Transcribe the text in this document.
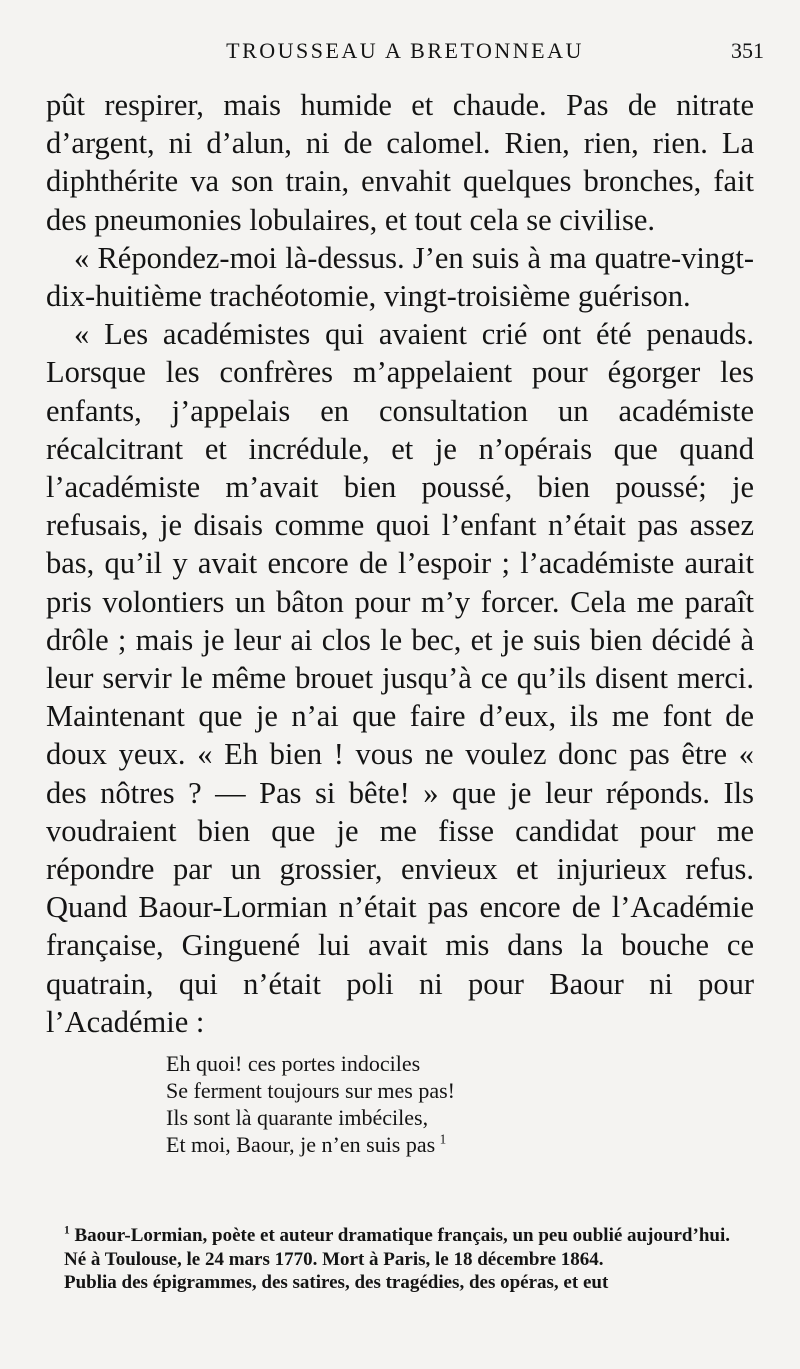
TROUSSEAU A BRETONNEAU	351

pût respirer, mais humide et chaude. Pas de nitrate d’argent, ni d’alun, ni de calomel. Rien, rien, rien. La diphthérite va son train, envahit quelques bronches, fait des pneumonies lobulaires, et tout cela se civilise.

« Répondez-moi là-dessus. J’en suis à ma quatre-vingt-dix-huitième trachéotomie, vingt-troisième guérison.

« Les académistes qui avaient crié ont été penauds. Lorsque les confrères m’appelaient pour égorger les enfants, j’appelais en consultation un académiste récalcitrant et incrédule, et je n’opérais que quand l’académiste m’avait bien poussé, bien poussé; je refusais, je disais comme quoi l’enfant n’était pas assez bas, qu’il y avait encore de l’espoir ; l’académiste aurait pris volontiers un bâton pour m’y forcer. Cela me paraît drôle ; mais je leur ai clos le bec, et je suis bien décidé à leur servir le même brouet jusqu’à ce qu’ils disent merci. Maintenant que je n’ai que faire d’eux, ils me font de doux yeux. « Eh bien ! vous ne voulez donc pas être « des nôtres ? — Pas si bête! » que je leur réponds. Ils voudraient bien que je me fisse candidat pour me répondre par un grossier, envieux et injurieux refus. Quand Baour-Lormian n’était pas encore de l’Académie française, Ginguené lui avait mis dans la bouche ce quatrain, qui n’était poli ni pour Baour ni pour l’Académie :

Eh quoi! ces portes indociles
Se ferment toujours sur mes pas!
Ils sont là quarante imbéciles,
Et moi, Baour, je n’en suis pas  $^1$

$^1$ Baour-Lormian, poète et auteur dramatique français, un peu oublié aujourd’hui.

Né à Toulouse, le 24 mars 1770. Mort à Paris, le 18 décembre 1864.

Publia des épigrammes, des satires, des tragédies, des opéras, et eut
